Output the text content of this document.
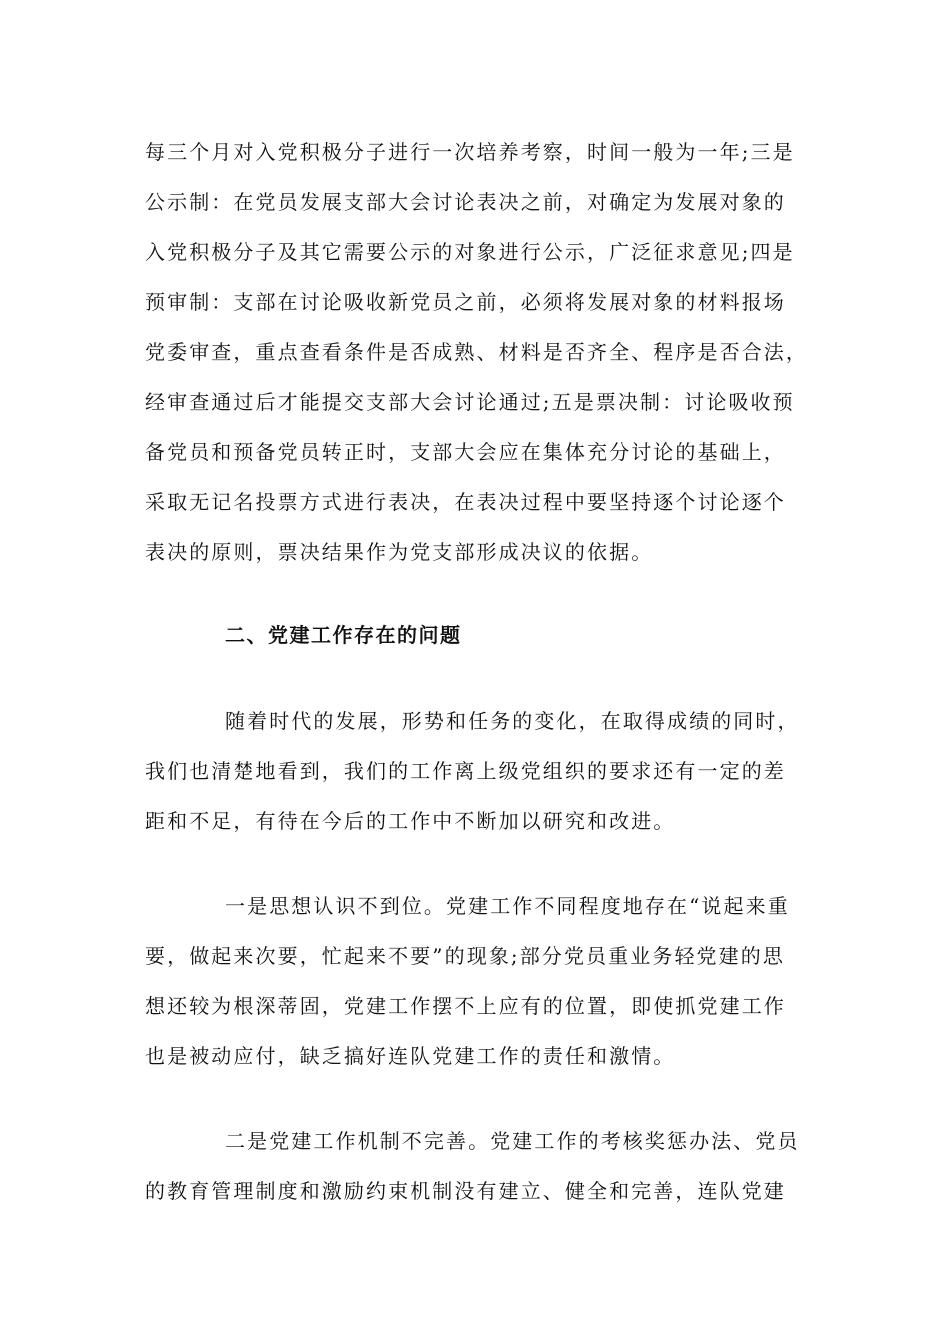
每三个月对入党积极分子进行一次培养考察，时间一般为一年;三是
公示制：在党员发展支部大会讨论表决之前，对确定为发展对象的
入党积极分子及其它需要公示的对象进行公示，广泛征求意见;四是
预审制：支部在讨论吸收新党员之前，必须将发展对象的材料报场
党委审查，重点查看条件是否成熟、材料是否齐全、程序是否合法，
经审查通过后才能提交支部大会讨论通过;五是票决制：讨论吸收预
备党员和预备党员转正时，支部大会应在集体充分讨论的基础上，
采取无记名投票方式进行表决，在表决过程中要坚持逐个讨论逐个
表决的原则，票决结果作为党支部形成决议的依据。
二、党建工作存在的问题
随着时代的发展，形势和任务的变化，在取得成绩的同时，
我们也清楚地看到，我们的工作离上级党组织的要求还有一定的差
距和不足，有待在今后的工作中不断加以研究和改进。
一是思想认识不到位。党建工作不同程度地存在“说起来重
要，做起来次要，忙起来不要”的现象;部分党员重业务轻党建的思
想还较为根深蒂固，党建工作摆不上应有的位置，即使抓党建工作
也是被动应付，缺乏搞好连队党建工作的责任和激情。
二是党建工作机制不完善。党建工作的考核奖惩办法、党员
的教育管理制度和激励约束机制没有建立、健全和完善，连队党建
